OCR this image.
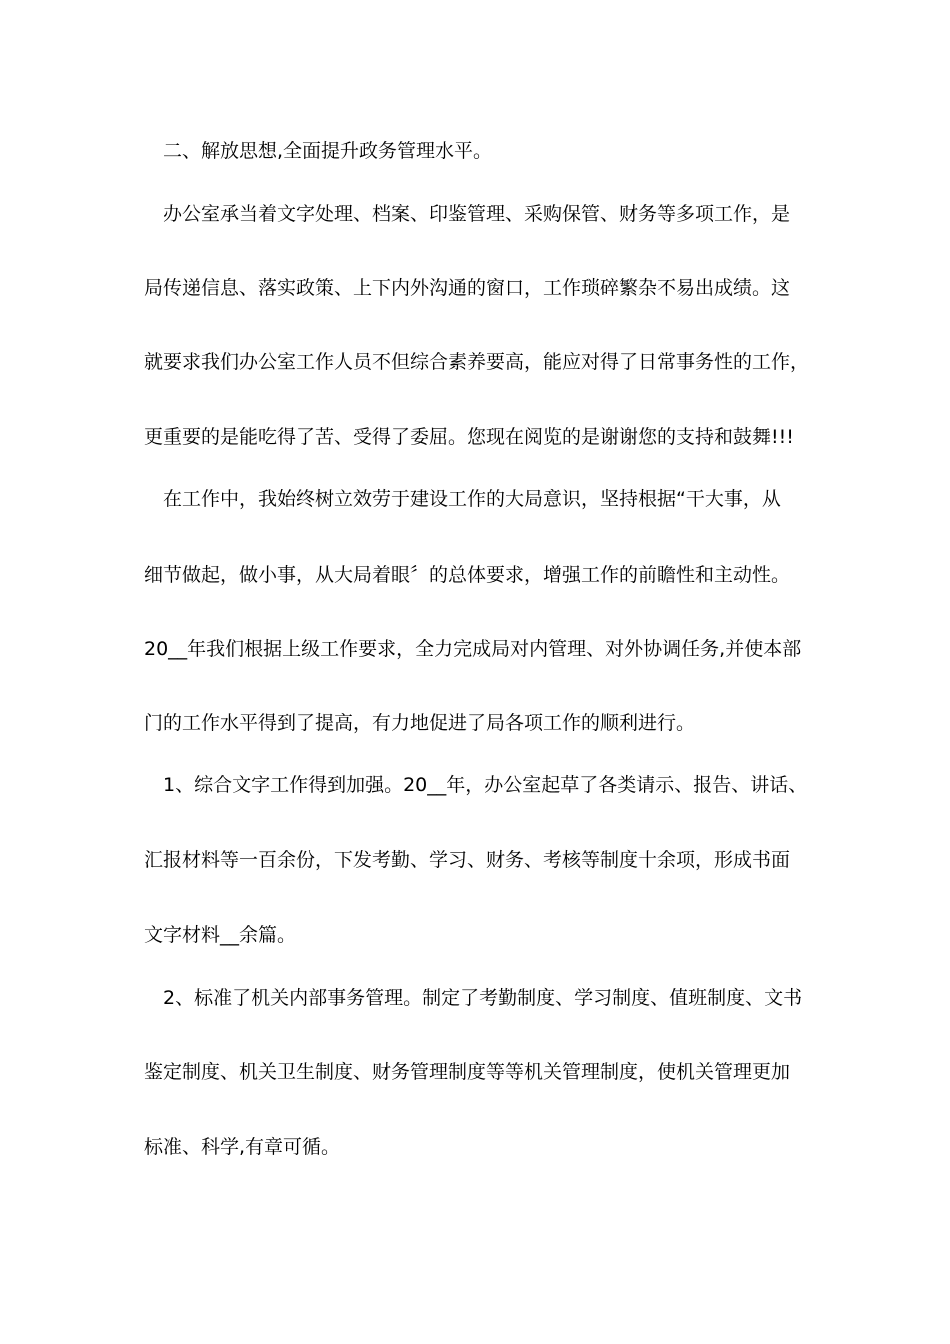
二、解放思想,全面提升政务管理水平。
办公室承当着文字处理、档案、印鉴管理、采购保管、财务等多项工作，是
局传递信息、落实政策、上下内外沟通的窗口，工作琐碎繁杂不易出成绩。这
就要求我们办公室工作人员不但综合素养要高，能应对得了日常事务性的工作，
更重要的是能吃得了苦、受得了委屈。您现在阅览的是谢谢您的支持和鼓舞!!!
在工作中，我始终树立效劳于建设工作的大局意识，坚持根据“干大事，从
细节做起，做小事，从大局着眼〞的总体要求，增强工作的前瞻性和主动性。
20__年我们根据上级工作要求，全力完成局对内管理、对外协调任务,并使本部
门的工作水平得到了提高，有力地促进了局各项工作的顺利进行。
1、综合文字工作得到加强。20__年，办公室起草了各类请示、报告、讲话、
汇报材料等一百余份，下发考勤、学习、财务、考核等制度十余项，形成书面
文字材料__余篇。
2、标准了机关内部事务管理。制定了考勤制度、学习制度、值班制度、文书
鉴定制度、机关卫生制度、财务管理制度等等机关管理制度，使机关管理更加
标准、科学,有章可循。
